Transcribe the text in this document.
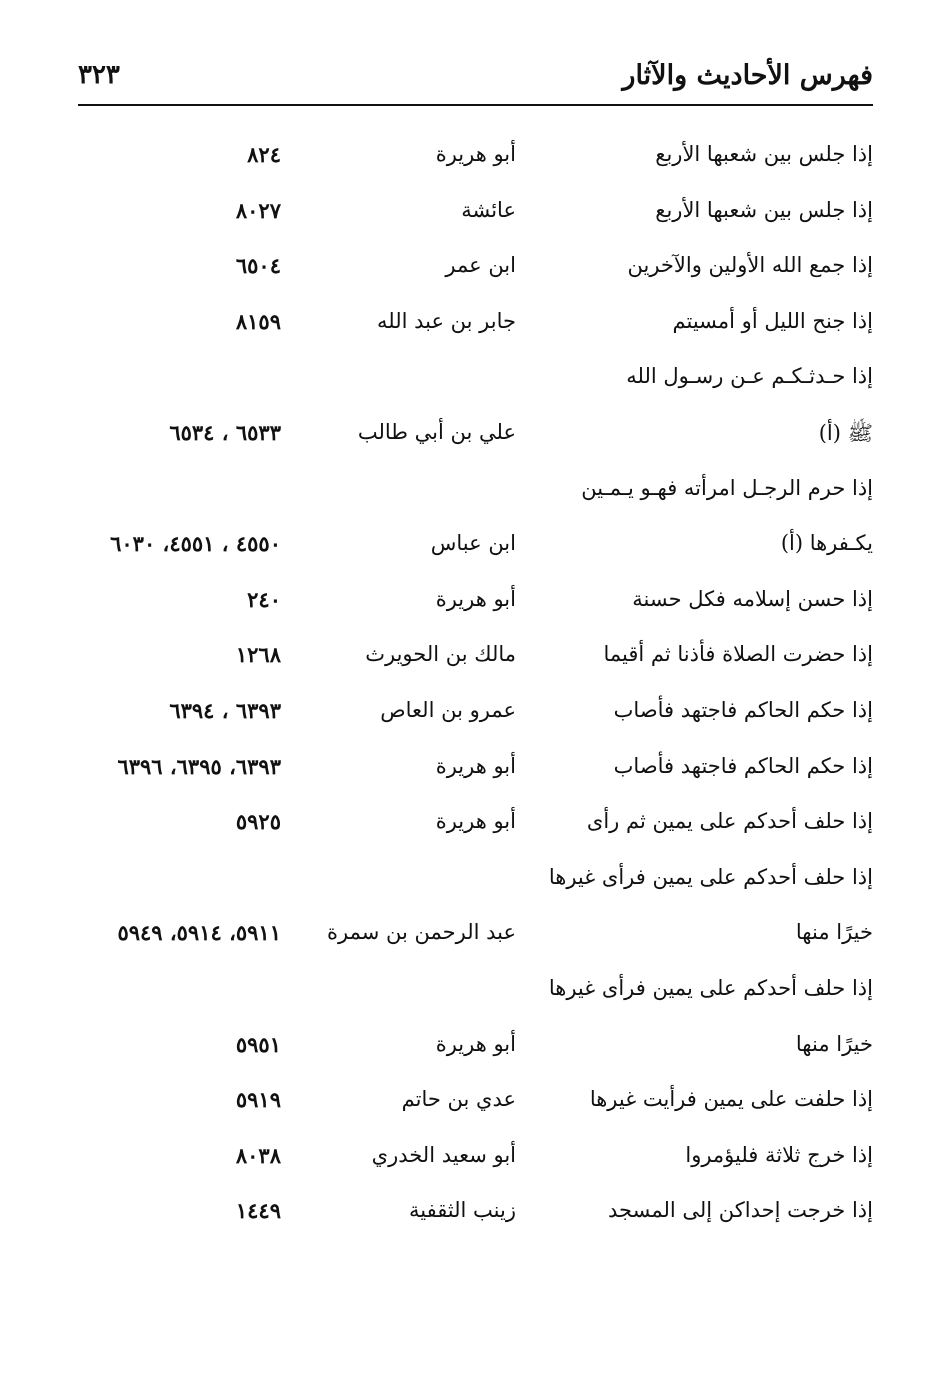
فهرس الأحاديث والآثار
٣٢٣
إذا جلس بين شعبها الأربع
أبو هريرة
٨٢٤
إذا جلس بين شعبها الأربع
عائشة
٨٠٢٧
إذا جمع الله الأولين والآخرين
ابن عمر
٦٥٠٤
إذا جنح الليل أو أمسيتم
جابر بن عبد الله
٨١٥٩
إذا حـدثـكـم عـن رسـول الله
ﷺ (أ)
علي بن أبي طالب
٦٥٣٣ ، ٦٥٣٤
إذا حرم الرجـل امرأته فهـو يـمـين
يكـفرها (أ)
ابن عباس
٤٥٥٠ ، ٤٥٥١، ٦٠٣٠
إذا حسن إسلامه فكل حسنة
أبو هريرة
٢٤٠
إذا حضرت الصلاة فأذنا ثم أقيما
مالك بن الحويرث
١٢٦٨
إذا حكم الحاكم فاجتهد فأصاب
عمرو بن العاص
٦٣٩٣ ، ٦٣٩٤
إذا حكم الحاكم فاجتهد فأصاب
أبو هريرة
٦٣٩٣، ٦٣٩٥، ٦٣٩٦
إذا حلف أحدكم على يمين ثم رأى
أبو هريرة
٥٩٢٥
إذا حلف أحدكم على يمين فرأى غيرها
خيرًا منها
عبد الرحمن بن سمرة
٥٩١١، ٥٩١٤، ٥٩٤٩
إذا حلف أحدكم على يمين فرأى غيرها
خيرًا منها
أبو هريرة
٥٩٥١
إذا حلفت على يمين فرأيت غيرها
عدي بن حاتم
٥٩١٩
إذا خرج ثلاثة فليؤمروا
أبو سعيد الخدري
٨٠٣٨
إذا خرجت إحداكن إلى المسجد
زينب الثقفية
١٤٤٩
